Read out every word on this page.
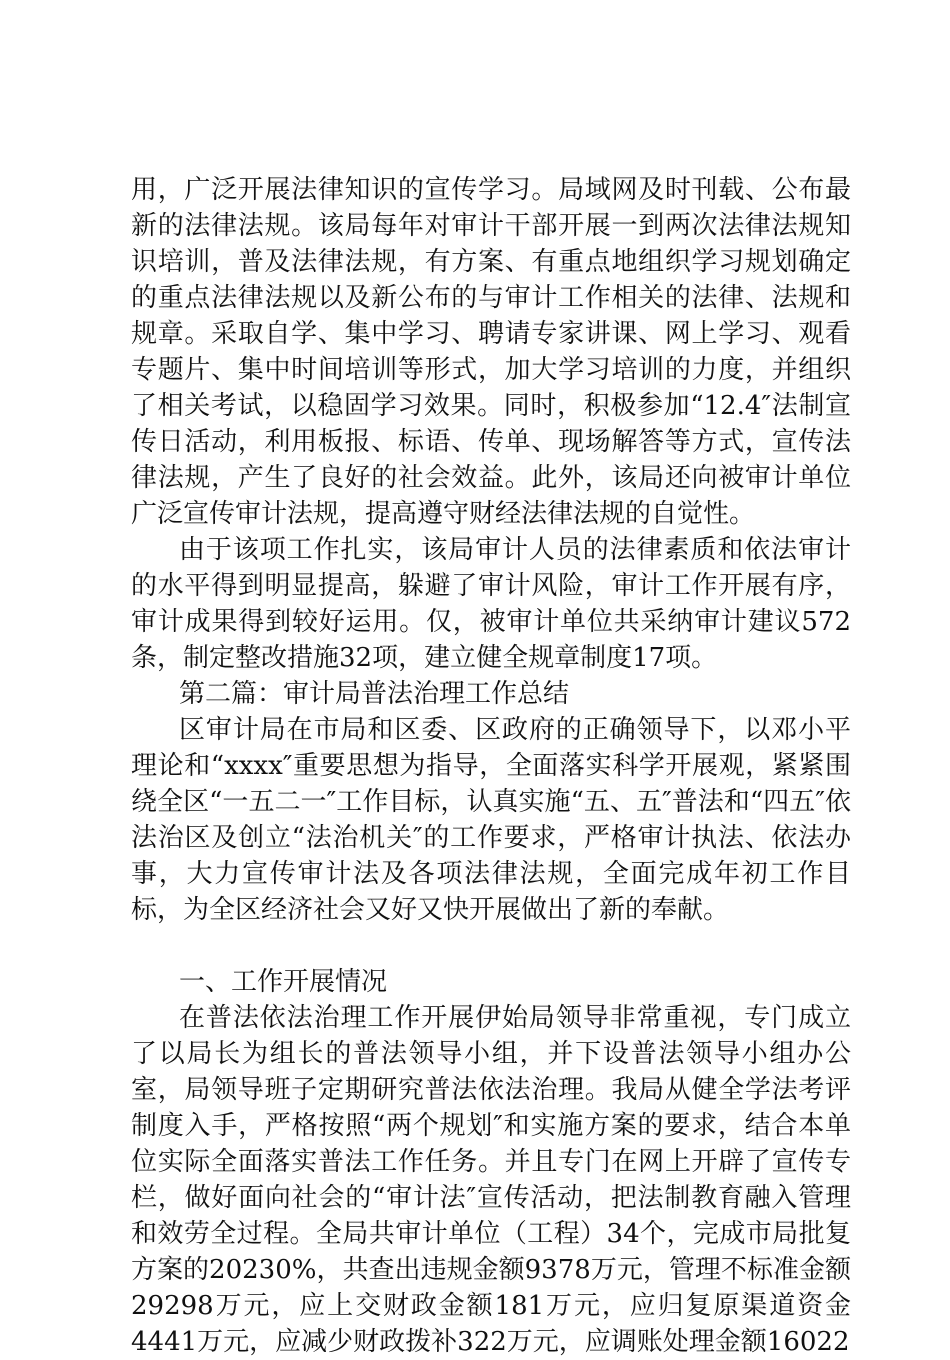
用，广泛开展法律知识的宣传学习。局域网及时刊载、公布最新的法律法规。该局每年对审计干部开展一到两次法律法规知识培训，普及法律法规，有方案、有重点地组织学习规划确定的重点法律法规以及新公布的与审计工作相关的法律、法规和规章。采取自学、集中学习、聘请专家讲课、网上学习、观看专题片、集中时间培训等形式，加大学习培训的力度，并组织了相关考试，以稳固学习效果。同时，积极参加“12.4″法制宣传日活动，利用板报、标语、传单、现场解答等方式，宣传法律法规，产生了良好的社会效益。此外，该局还向被审计单位广泛宣传审计法规，提高遵守财经法律法规的自觉性。

由于该项工作扎实，该局审计人员的法律素质和依法审计的水平得到明显提高，躲避了审计风险，审计工作开展有序，审计成果得到较好运用。仅，被审计单位共采纳审计建议572条，制定整改措施32项，建立健全规章制度17项。

第二篇：审计局普法治理工作总结

区审计局在市局和区委、区政府的正确领导下，以邓小平理论和“xxxx″重要思想为指导，全面落实科学开展观，紧紧围绕全区“一五二一″工作目标，认真实施“五、五″普法和“四五″依法治区及创立“法治机关″的工作要求，严格审计执法、依法办事，大力宣传审计法及各项法律法规，全面完成年初工作目标，为全区经济社会又好又快开展做出了新的奉献。

一、工作开展情况

在普法依法治理工作开展伊始局领导非常重视，专门成立了以局长为组长的普法领导小组，并下设普法领导小组办公室，局领导班子定期研究普法依法治理。我局从健全学法考评制度入手，严格按照“两个规划″和实施方案的要求，结合本单位实际全面落实普法工作任务。并且专门在网上开辟了宣传专栏，做好面向社会的“审计法″宣传活动，把法制教育融入管理和效劳全过程。全局共审计单位（工程）34个，完成市局批复方案的20230%，共查出违规金额9378万元，管理不标准金额29298万元，应上交财政金额181万元，应归复原渠道资金4441万元，应减少财政拨补322万元，应调账处理金额16022
